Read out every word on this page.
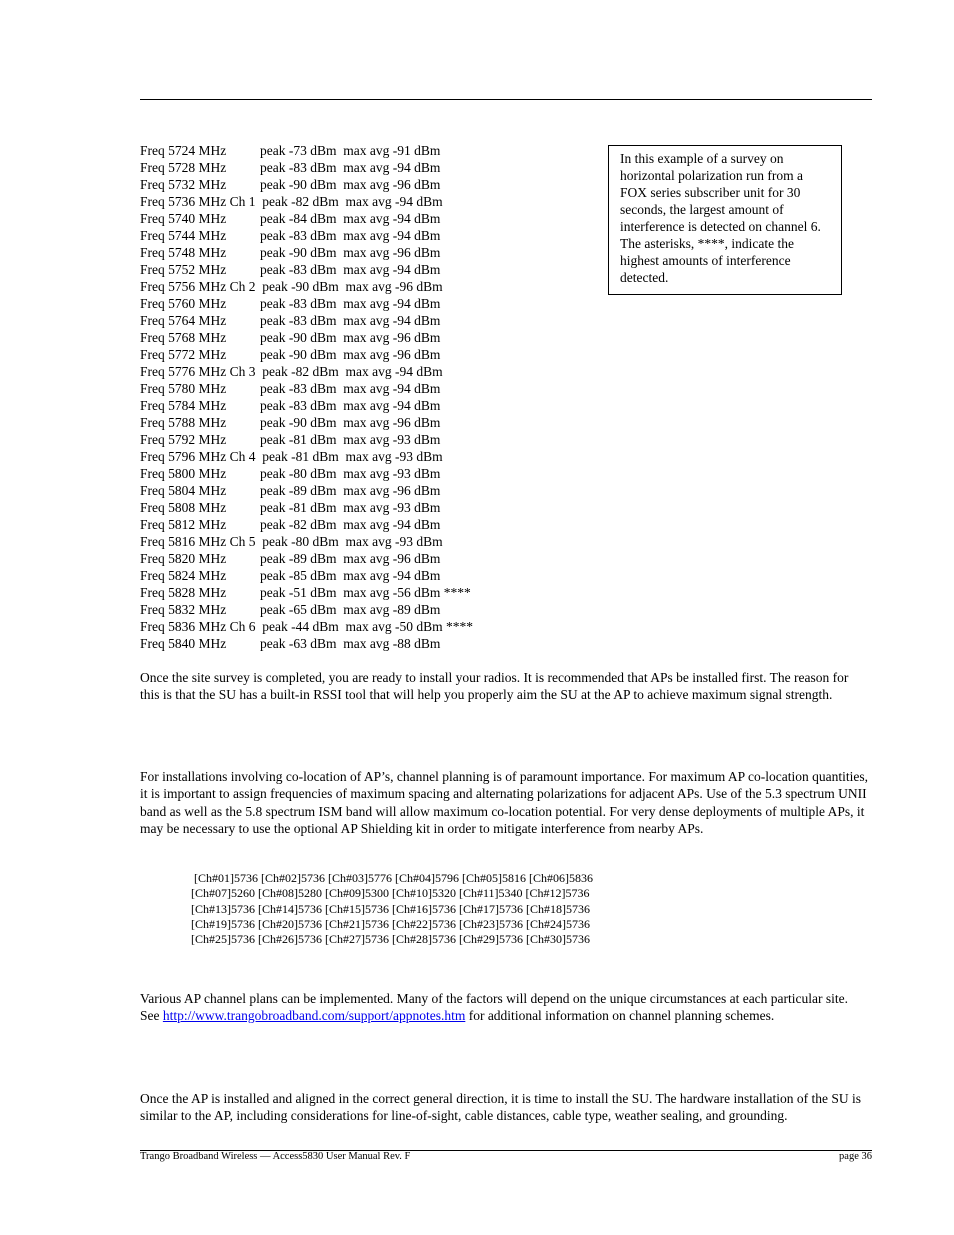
Freq 5724 MHz	peak -73 dBm  max avg -91 dBm
Freq 5728 MHz	peak -83 dBm  max avg -94 dBm
Freq 5732 MHz	peak -90 dBm  max avg -96 dBm
Freq 5736 MHz Ch 1 peak -82 dBm  max avg -94 dBm
Freq 5740 MHz	peak -84 dBm  max avg -94 dBm
Freq 5744 MHz	peak -83 dBm  max avg -94 dBm
Freq 5748 MHz	peak -90 dBm  max avg -96 dBm
Freq 5752 MHz	peak -83 dBm  max avg -94 dBm
Freq 5756 MHz Ch 2 peak -90 dBm  max avg -96 dBm
Freq 5760 MHz	peak -83 dBm  max avg -94 dBm
Freq 5764 MHz	peak -83 dBm  max avg -94 dBm
Freq 5768 MHz	peak -90 dBm  max avg -96 dBm
Freq 5772 MHz	peak -90 dBm  max avg -96 dBm
Freq 5776 MHz Ch 3 peak -82 dBm  max avg -94 dBm
Freq 5780 MHz	peak -83 dBm  max avg -94 dBm
Freq 5784 MHz	peak -83 dBm  max avg -94 dBm
Freq 5788 MHz	peak -90 dBm  max avg -96 dBm
Freq 5792 MHz	peak -81 dBm  max avg -93 dBm
Freq 5796 MHz Ch 4 peak -81 dBm  max avg -93 dBm
Freq 5800 MHz	peak -80 dBm  max avg -93 dBm
Freq 5804 MHz	peak -89 dBm  max avg -96 dBm
Freq 5808 MHz	peak -81 dBm  max avg -93 dBm
Freq 5812 MHz	peak -82 dBm  max avg -94 dBm
Freq 5816 MHz Ch 5 peak -80 dBm  max avg -93 dBm
Freq 5820 MHz	peak -89 dBm  max avg -96 dBm
Freq 5824 MHz	peak -85 dBm  max avg -94 dBm
Freq 5828 MHz	peak -51 dBm  max avg -56 dBm ****
Freq 5832 MHz	peak -65 dBm  max avg -89 dBm
Freq 5836 MHz Ch 6 peak -44 dBm  max avg -50 dBm ****
Freq 5840 MHz	peak -63 dBm  max avg -88 dBm

In this example of a survey on horizontal polarization run from a FOX series subscriber unit for 30 seconds, the largest amount of interference is detected on channel 6.

The asterisks, ****, indicate the highest amounts of interference detected.

Once the site survey is completed, you are ready to install your radios. It is recommended that APs be installed first. The reason for this is that the SU has a built-in RSSI tool that will help you properly aim the SU at the AP to achieve maximum signal strength.

For installations involving co-location of AP’s, channel planning is of paramount importance. For maximum AP co-location quantities, it is important to assign frequencies of maximum spacing and alternating polarizations for adjacent APs. Use of the 5.3 spectrum UNII band as well as the 5.8 spectrum ISM band will allow maximum co-location potential. For very dense deployments of multiple APs, it may be necessary to use the optional AP Shielding kit in order to mitigate interference from nearby APs.

[Ch#01]5736 [Ch#02]5736 [Ch#03]5776 [Ch#04]5796 [Ch#05]5816 [Ch#06]5836
[Ch#07]5260 [Ch#08]5280 [Ch#09]5300 [Ch#10]5320 [Ch#11]5340 [Ch#12]5736
[Ch#13]5736 [Ch#14]5736 [Ch#15]5736 [Ch#16]5736 [Ch#17]5736 [Ch#18]5736
[Ch#19]5736 [Ch#20]5736 [Ch#21]5736 [Ch#22]5736 [Ch#23]5736 [Ch#24]5736
[Ch#25]5736 [Ch#26]5736 [Ch#27]5736 [Ch#28]5736 [Ch#29]5736 [Ch#30]5736

Various AP channel plans can be implemented. Many of the factors will depend on the unique circumstances at each particular site. See http://www.trangobroadband.com/support/appnotes.htm for additional information on channel planning schemes.

Once the AP is installed and aligned in the correct general direction, it is time to install the SU. The hardware installation of the SU is similar to the AP, including considerations for line-of-sight, cable distances, cable type, weather sealing, and grounding.

Trango Broadband Wireless — Access5830 User Manual Rev. F	page 36
